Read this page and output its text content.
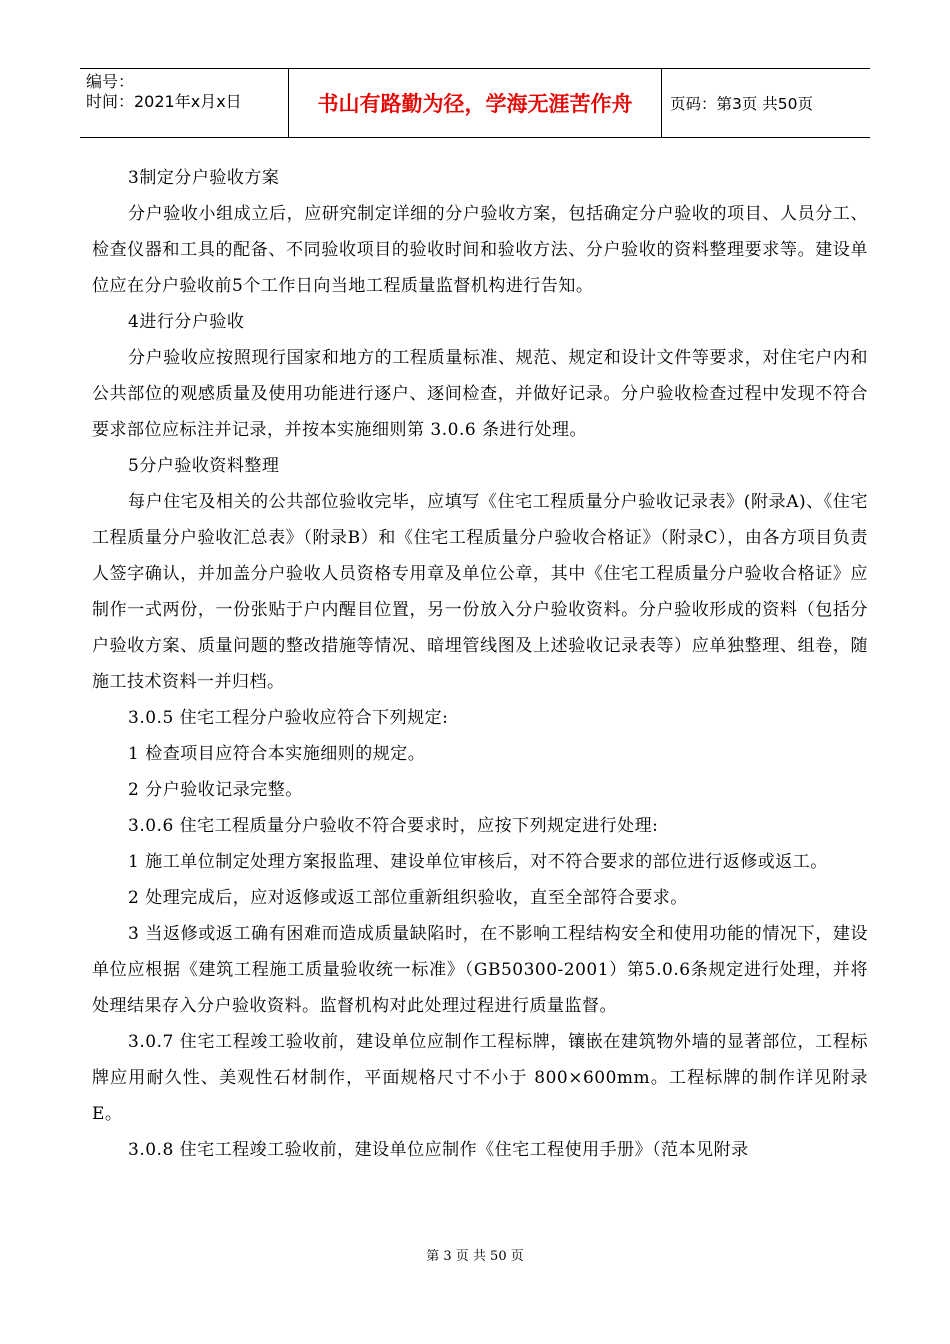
编号：
时间：2021年x月x日	书山有路勤为径，学海无涯苦作舟	页码：第3页 共50页

3制定分户验收方案

分户验收小组成立后，应研究制定详细的分户验收方案，包括确定分户验收的项目、人员分工、检查仪器和工具的配备、不同验收项目的验收时间和验收方法、分户验收的资料整理要求等。建设单位应在分户验收前5个工作日向当地工程质量监督机构进行告知。

4进行分户验收

分户验收应按照现行国家和地方的工程质量标准、规范、规定和设计文件等要求，对住宅户内和公共部位的观感质量及使用功能进行逐户、逐间检查，并做好记录。分户验收检查过程中发现不符合要求部位应标注并记录，并按本实施细则第 3.0.6 条进行处理。

5分户验收资料整理

每户住宅及相关的公共部位验收完毕，应填写《住宅工程质量分户验收记录表》(附录A)、《住宅工程质量分户验收汇总表》（附录B）和《住宅工程质量分户验收合格证》（附录C），由各方项目负责人签字确认，并加盖分户验收人员资格专用章及单位公章，其中《住宅工程质量分户验收合格证》应制作一式两份，一份张贴于户内醒目位置，另一份放入分户验收资料。分户验收形成的资料（包括分户验收方案、质量问题的整改措施等情况、暗埋管线图及上述验收记录表等）应单独整理、组卷，随施工技术资料一并归档。

3.0.5 住宅工程分户验收应符合下列规定:

1 检查项目应符合本实施细则的规定。

2 分户验收记录完整。

3.0.6 住宅工程质量分户验收不符合要求时，应按下列规定进行处理:

1 施工单位制定处理方案报监理、建设单位审核后，对不符合要求的部位进行返修或返工。

2 处理完成后，应对返修或返工部位重新组织验收，直至全部符合要求。

3 当返修或返工确有困难而造成质量缺陷时，在不影响工程结构安全和使用功能的情况下，建设单位应根据《建筑工程施工质量验收统一标准》（GB50300-2001）第5.0.6条规定进行处理，并将处理结果存入分户验收资料。监督机构对此处理过程进行质量监督。

3.0.7 住宅工程竣工验收前，建设单位应制作工程标牌，镶嵌在建筑物外墙的显著部位，工程标牌应用耐久性、美观性石材制作，平面规格尺寸不小于 800×600mm。工程标牌的制作详见附录E。

3.0.8 住宅工程竣工验收前，建设单位应制作《住宅工程使用手册》（范本见附录

第 3 页 共 50 页
